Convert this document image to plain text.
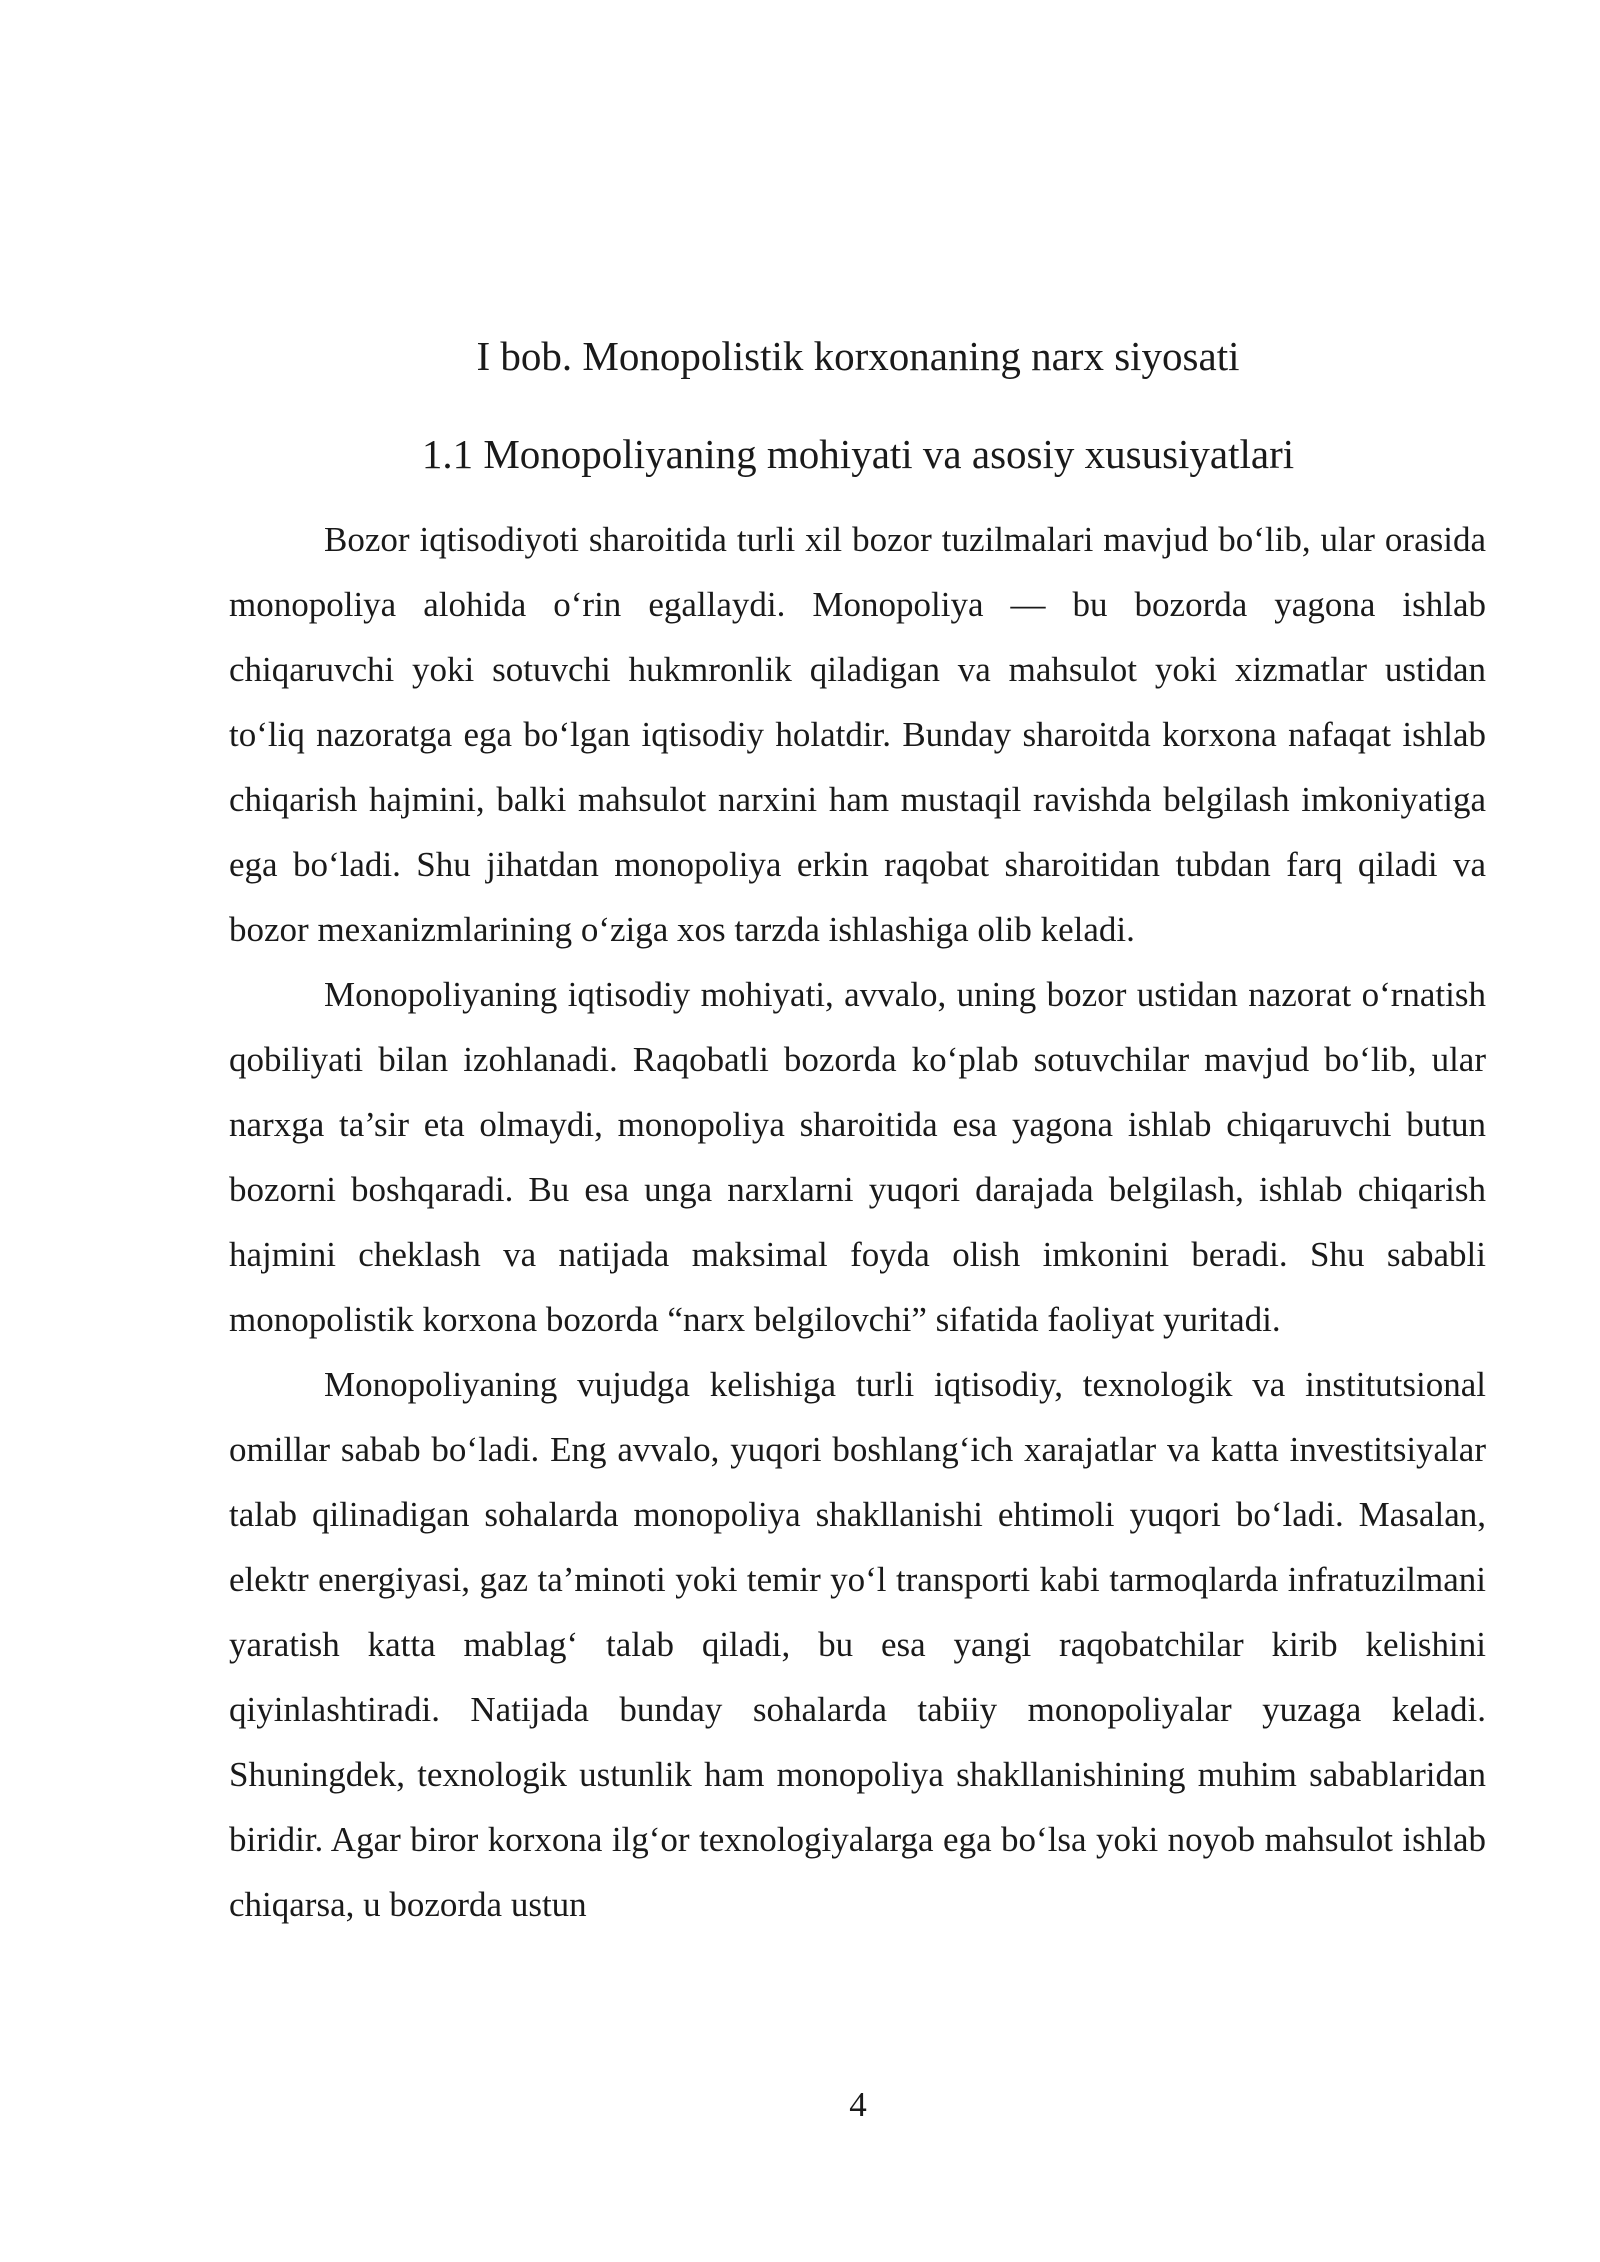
I bob. Monopolistik korxonaning narx siyosati
1.1 Monopoliyaning mohiyati va asosiy xususiyatlari

Bozor iqtisodiyoti sharoitida turli xil bozor tuzilmalari mavjud bo‘lib, ular orasida monopoliya alohida o‘rin egallaydi. Monopoliya — bu bozorda yagona ishlab chiqaruvchi yoki sotuvchi hukmronlik qiladigan va mahsulot yoki xizmatlar ustidan to‘liq nazoratga ega bo‘lgan iqtisodiy holatdir. Bunday sharoitda korxona nafaqat ishlab chiqarish hajmini, balki mahsulot narxini ham mustaqil ravishda belgilash imkoniyatiga ega bo‘ladi. Shu jihatdan monopoliya erkin raqobat sharoitidan tubdan farq qiladi va bozor mexanizmlarining o‘ziga xos tarzda ishlashiga olib keladi.

Monopoliyaning iqtisodiy mohiyati, avvalo, uning bozor ustidan nazorat o‘rnatish qobiliyati bilan izohlanadi. Raqobatli bozorda ko‘plab sotuvchilar mavjud bo‘lib, ular narxga ta’sir eta olmaydi, monopoliya sharoitida esa yagona ishlab chiqaruvchi butun bozorni boshqaradi. Bu esa unga narxlarni yuqori darajada belgilash, ishlab chiqarish hajmini cheklash va natijada maksimal foyda olish imkonini beradi. Shu sababli monopolistik korxona bozorda “narx belgilovchi” sifatida faoliyat yuritadi.

Monopoliyaning vujudga kelishiga turli iqtisodiy, texnologik va institutsional omillar sabab bo‘ladi. Eng avvalo, yuqori boshlang‘ich xarajatlar va katta investitsiyalar talab qilinadigan sohalarda monopoliya shakllanishi ehtimoli yuqori bo‘ladi. Masalan, elektr energiyasi, gaz ta’minoti yoki temir yo‘l transporti kabi tarmoqlarda infratuzilmani yaratish katta mablag‘ talab qiladi, bu esa yangi raqobatchilar kirib kelishini qiyinlashtiradi. Natijada bunday sohalarda tabiiy monopoliyalar yuzaga keladi. Shuningdek, texnologik ustunlik ham monopoliya shakllanishining muhim sabablaridan biridir. Agar biror korxona ilg‘or texnologiyalarga ega bo‘lsa yoki noyob mahsulot ishlab chiqarsa, u bozorda ustun

4
